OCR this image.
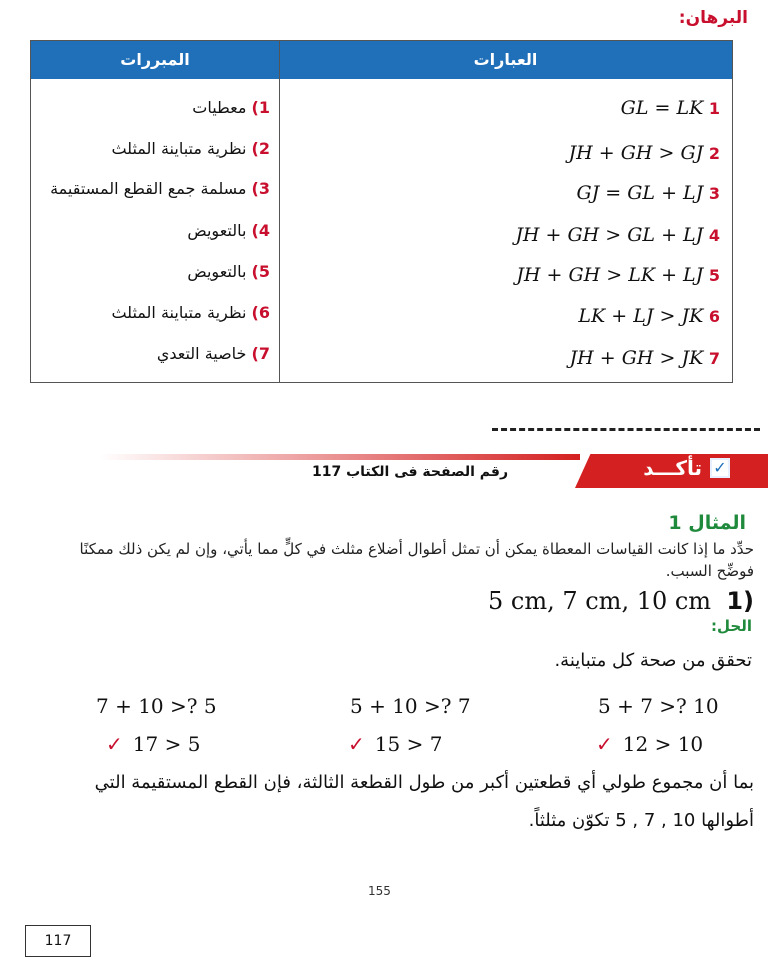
البرهان:
المبررات	العبارات
1 GL = LK
2 JH + GH > GJ
3 GJ = GL + LJ
4 JH + GH > GL + LJ
5 JH + GH > LK + LJ
6 LK + LJ > JK
7 JH + GH > JK
1) معطيات
2) نظرية متباينة المثلث
3) مسلمة جمع القطع المستقيمة
4) بالتعويض
5) بالتعويض
6) نظرية متباينة المثلث
7) خاصية التعدي
✓
تأكـــد
رقم الصفحة فى الكتاب 117
المثال 1
حدِّد ما إذا كانت القياسات المعطاة يمكن أن تمثل أطوال أضلاع مثلث في كلٍّ مما يأتي، وإن لم يكن ذلك ممكنًا
فوضِّح السبب.
(1  5 cm, 7 cm, 10 cm
الحل:
تحقق من صحة كل متباينة.
5 + 7 >? 10
5 + 10 >? 7
7 + 10 >? 5
✓ 12 > 10
✓ 15 > 7
✓ 17 > 5
بما أن مجموع طولي أي قطعتين أكبر من طول القطعة الثالثة، فإن القطع المستقيمة التي
أطوالها 10 , 7 , 5 تكوّن مثلثاً.
155
117
